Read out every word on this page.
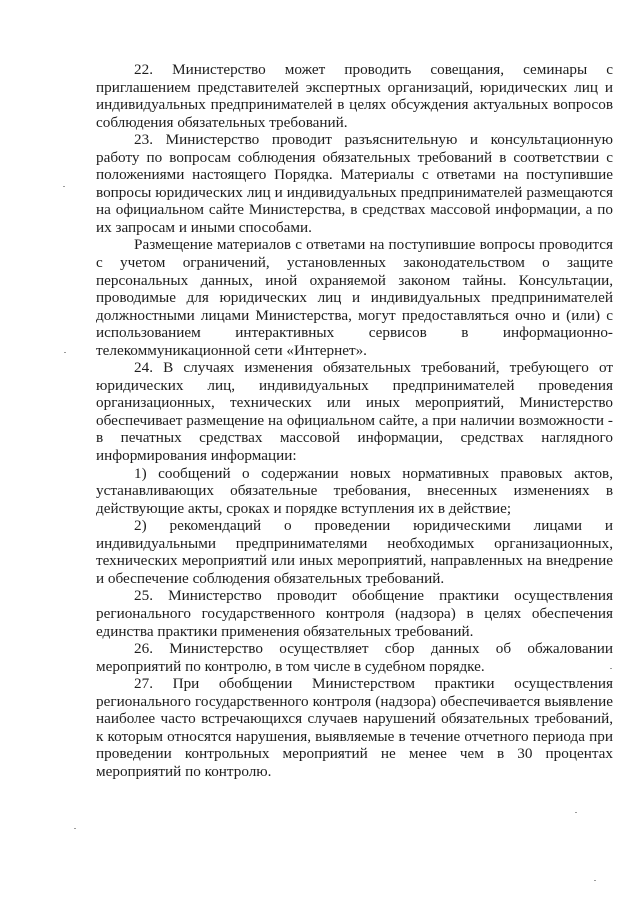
22. Министерство может проводить совещания, семинары с приглашением представителей экспертных организаций, юридических лиц и индивидуальных предпринимателей в целях обсуждения актуальных вопросов соблюдения обязательных требований.

23. Министерство проводит разъяснительную и консультационную работу по вопросам соблюдения обязательных требований в соответствии с положениями настоящего Порядка. Материалы с ответами на поступившие вопросы юридических лиц и индивидуальных предпринимателей размещаются на официальном сайте Министерства, в средствах массовой информации, а по их запросам и иными способами.

Размещение материалов с ответами на поступившие вопросы проводится с учетом ограничений, установленных законодательством о защите персональных данных, иной охраняемой законом тайны. Консультации, проводимые для юридических лиц и индивидуальных предпринимателей должностными лицами Министерства, могут предоставляться очно и (или) с использованием интерактивных сервисов в информационно-телекоммуникационной сети «Интернет».

24. В случаях изменения обязательных требований, требующего от юридических лиц, индивидуальных предпринимателей проведения организационных, технических или иных мероприятий, Министерство обеспечивает размещение на официальном сайте, а при наличии возможности - в печатных средствах массовой информации, средствах наглядного информирования информации:

1) сообщений о содержании новых нормативных правовых актов, устанавливающих обязательные требования, внесенных изменениях в действующие акты, сроках и порядке вступления их в действие;

2) рекомендаций о проведении юридическими лицами и индивидуальными предпринимателями необходимых организационных, технических мероприятий или иных мероприятий, направленных на внедрение и обеспечение соблюдения обязательных требований.

25. Министерство проводит обобщение практики осуществления регионального государственного контроля (надзора) в целях обеспечения единства практики применения обязательных требований.

26. Министерство осуществляет сбор данных об обжаловании мероприятий по контролю, в том числе в судебном порядке.

27. При обобщении Министерством практики осуществления регионального государственного контроля (надзора) обеспечивается выявление наиболее часто встречающихся случаев нарушений обязательных требований, к которым относятся нарушения, выявляемые в течение отчетного периода при проведении контрольных мероприятий не менее чем в 30 процентах мероприятий по контролю.
